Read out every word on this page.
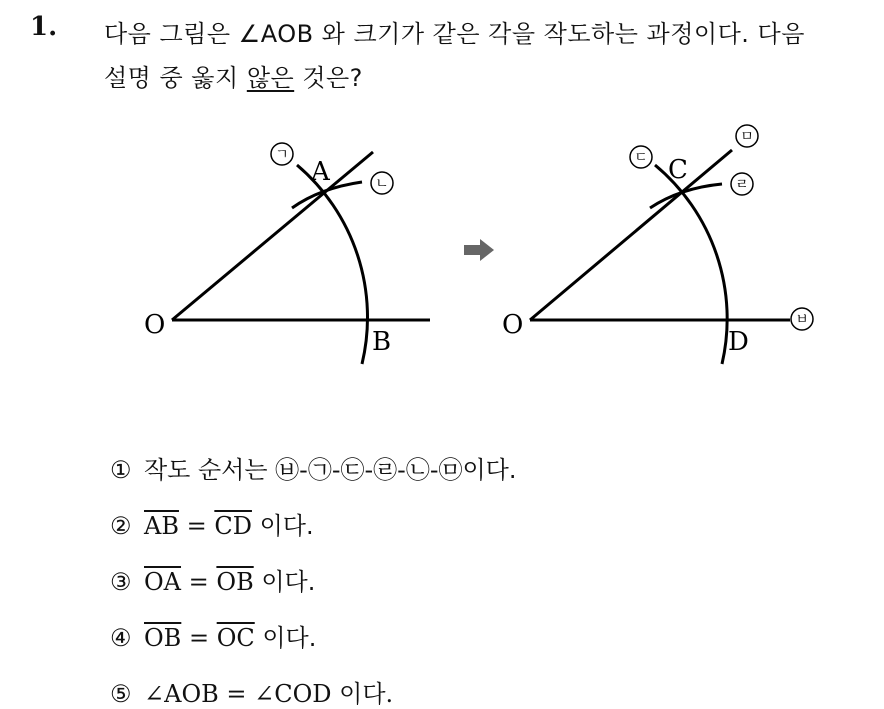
1. 다음 그림은 ∠AOB 와 크기가 같은 각을 작도하는 과정이다. 다음
설명 중 옳지 않은 것은?
O
A
B
ㄱ
ㄴ
O
C
D
ㄷ
ㄹ
ㅁ
ㅂ
① 작도 순서는 ㉥-㉠-㉢-㉣-㉡-㉤이다.
② $\overline{AB} = \overline{CD}$ 이다.
③ $\overline{OA} = \overline{OB}$ 이다.
④ $\overline{OB} = \overline{OC}$ 이다.
⑤ ∠AOB = ∠COD 이다.
